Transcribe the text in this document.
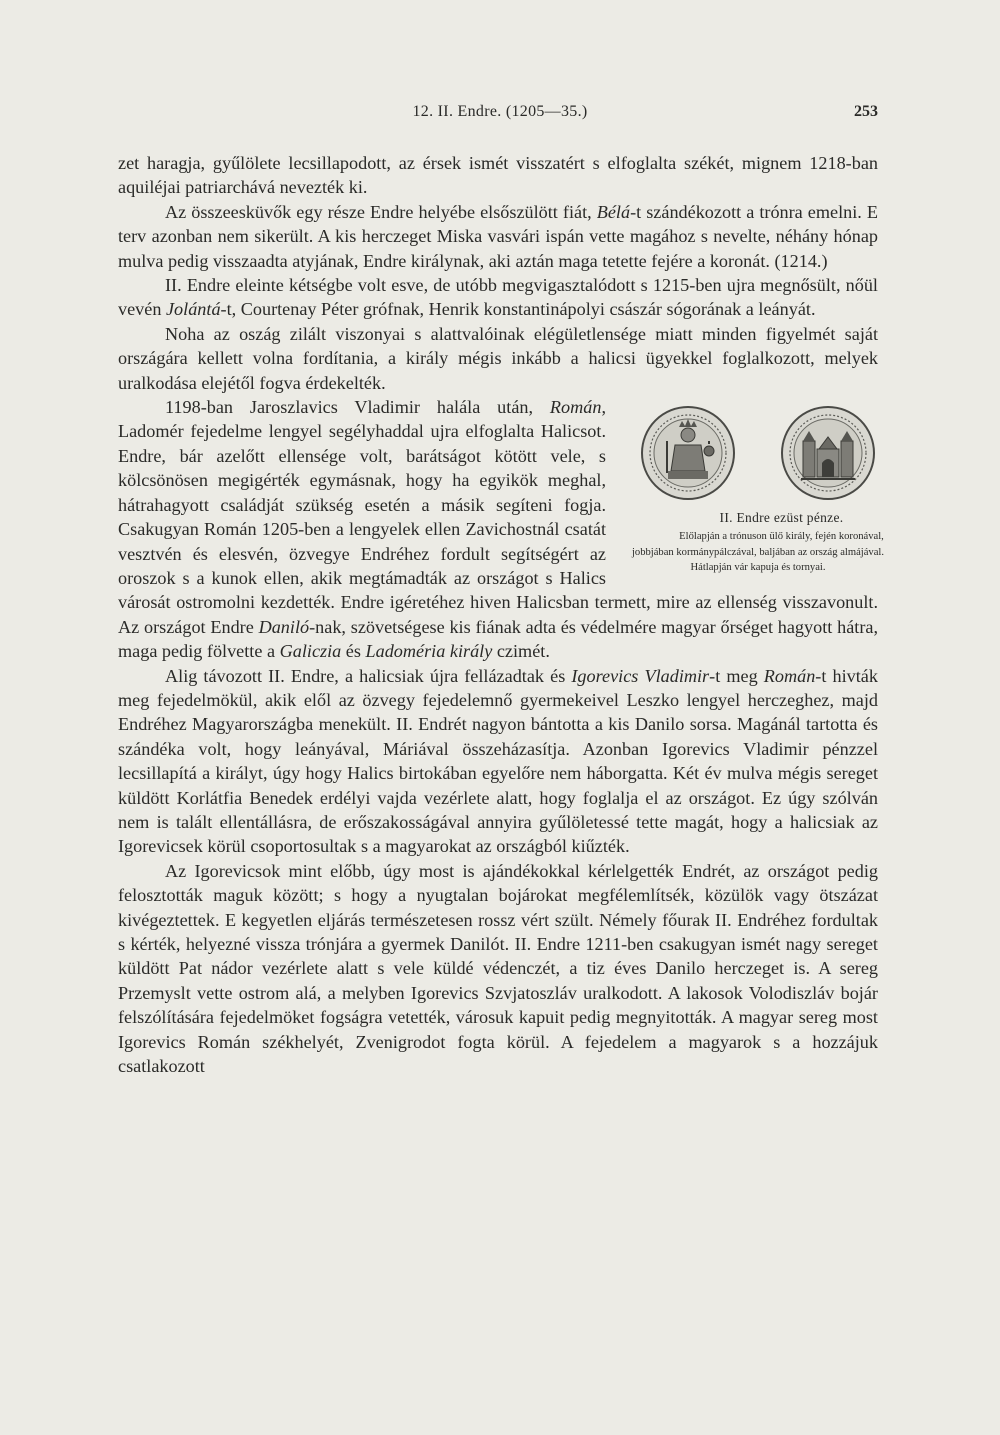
12. II. Endre. (1205—35.)	253

zet haragja, gyűlölete lecsillapodott, az érsek ismét visszatért s elfoglalta székét, mignem 1218-ban aquiléjai patriarchává nevezték ki.

Az összeesküvők egy része Endre helyébe elsőszülött fiát, Bélá-t szándékozott a trónra emelni. E terv azonban nem sikerült. A kis herczeget Miska vasvári ispán vette magához s nevelte, néhány hónap mulva pedig visszaadta atyjának, Endre királynak, aki aztán maga tetette fejére a koronát. (1214.)

II. Endre eleinte kétségbe volt esve, de utóbb megvigasztalódott s 1215-ben ujra megnősült, nőül vevén Jolántá-t, Courtenay Péter grófnak, Henrik konstantinápolyi császár sógorának a leányát.

Noha az oszág zilált viszonyai s alattvalóinak elégületlensége miatt minden figyelmét saját országára kellett volna fordítania, a király mégis inkább a halicsi ügyekkel foglalkozott, melyek uralkodása elejétől fogva érdekelték.

II. Endre ezüst pénze.
Előlapján a trónuson ülő király, fején koronával, jobbjában kormánypálczával, baljában az ország almájával. Hátlapján vár kapuja és tornyai.
1198-ban Jaroszlavics Vladimir halála után, Román, Ladomér fejedelme lengyel segélyhaddal ujra elfoglalta Halicsot. Endre, bár azelőtt ellensége volt, barátságot kötött vele, s kölcsönösen megigérték egymásnak, hogy ha egyikök meghal, hátrahagyott családját szükség esetén a másik segíteni fogja. Csakugyan Román 1205-ben a lengyelek ellen Zavichostnál csatát vesztvén és elesvén, özvegye Endréhez fordult segítségért az oroszok s a kunok ellen, akik megtámadták az országot s Halics városát ostromolni kezdették. Endre igéretéhez hiven Halicsban termett, mire az ellenség visszavonult. Az országot Endre Daniló-nak, szövetségese kis fiának adta és védelmére magyar őrséget hagyott hátra, maga pedig fölvette a Galiczia és Ladoméria király czimét.

Alig távozott II. Endre, a halicsiak újra fellázadtak és Igorevics Vladimir-t meg Román-t hivták meg fejedelmökül, akik elől az özvegy fejedelemnő gyermekeivel Leszko lengyel herczeghez, majd Endréhez Magyarországba menekült. II. Endrét nagyon bántotta a kis Danilo sorsa. Magánál tartotta és szándéka volt, hogy leányával, Máriával összeházasítja. Azonban Igorevics Vladimir pénzzel lecsillapítá a királyt, úgy hogy Halics birtokában egyelőre nem háborgatta. Két év mulva mégis sereget küldött Korlátfia Benedek erdélyi vajda vezérlete alatt, hogy foglalja el az országot. Ez úgy szólván nem is talált ellentállásra, de erőszakosságával annyira gyűlöletessé tette magát, hogy a halicsiak az Igorevicsek körül csoportosultak s a magyarokat az országból kiűzték.

Az Igorevicsok mint előbb, úgy most is ajándékokkal kérlelgették Endrét, az országot pedig felosztották maguk között; s hogy a nyugtalan bojárokat megfélemlítsék, közülök vagy ötszázat kivégeztettek. E kegyetlen eljárás természetesen rossz vért szült. Némely főurak II. Endréhez fordultak s kérték, helyezné vissza trónjára a gyermek Danilót. II. Endre 1211-ben csakugyan ismét nagy sereget küldött Pat nádor vezérlete alatt s vele küldé védenczét, a tiz éves Danilo herczeget is. A sereg Przemyslt vette ostrom alá, a melyben Igorevics Szvjatoszláv uralkodott. A lakosok Volodiszláv bojár felszólítására fejedelmöket fogságra vetették, városuk kapuit pedig megnyitották. A magyar sereg most Igorevics Román székhelyét, Zvenigrodot fogta körül. A fejedelem a magyarok s a hozzájuk csatlakozott
